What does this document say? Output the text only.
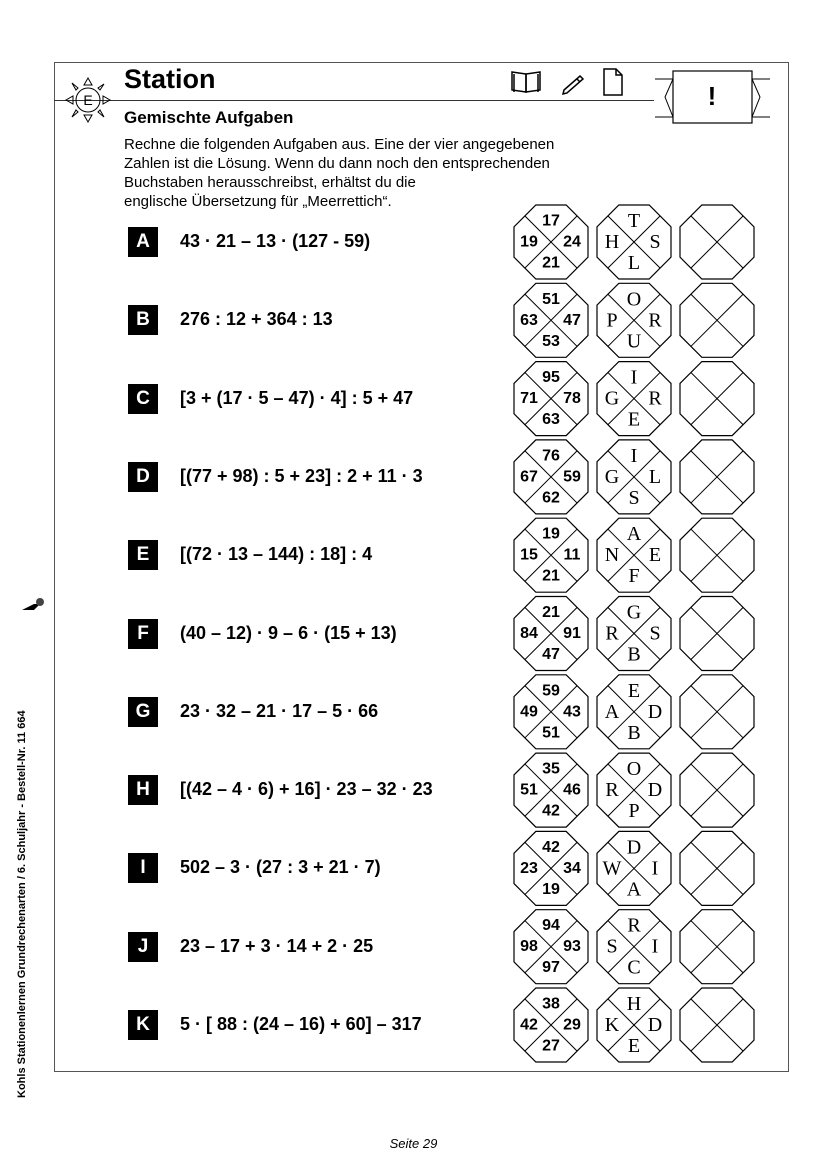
E
Station
!
Gemischte Aufgaben
Rechne die folgenden Aufgaben aus. Eine der vier angegebenen
Zahlen ist die Lösung. Wenn du dann noch den entsprechenden
Buchstaben herausschreibst, erhältst du die
englische Übersetzung für „Meerrettich“.
A	43 · 21 – 13 · (127 - 59)
B	276 : 12 + 364 : 13
C	[3 + (17 · 5 – 47) · 4] : 5 + 47
D	[(77 + 98) : 5 + 23] : 2 + 11 · 3
E	[(72 · 13 – 144) : 18] : 4
F	(40 – 12) · 9 – 6 · (15 + 13)
G	23 · 32 – 21 · 17 – 5 · 66
H	[(42 – 4 · 6) + 16] · 23 – 32 · 23
I	502 – 3 · (27 : 3 + 21 · 7)
J	23 – 17 + 3 · 14 + 2 · 25
K	5 · [ 88 : (24 – 16) + 60] – 317
17
24
21
19
T
S
L
H
51
47
53
63
O
R
U
P
95
78
63
71
I
R
E
G
76
59
62
67
I
L
S
G
19
11
21
15
A
E
F
N
21
91
47
84
G
S
B
R
59
43
51
49
E
D
B
A
35
46
42
51
O
D
P
R
42
34
19
23
D
I
A
W
94
93
97
98
R
I
C
S
38
29
27
42
H
D
E
K
Kohls Stationenlernen Grundrechenarten / 6. Schuljahr - Bestell-Nr. 11 664
Seite 29
